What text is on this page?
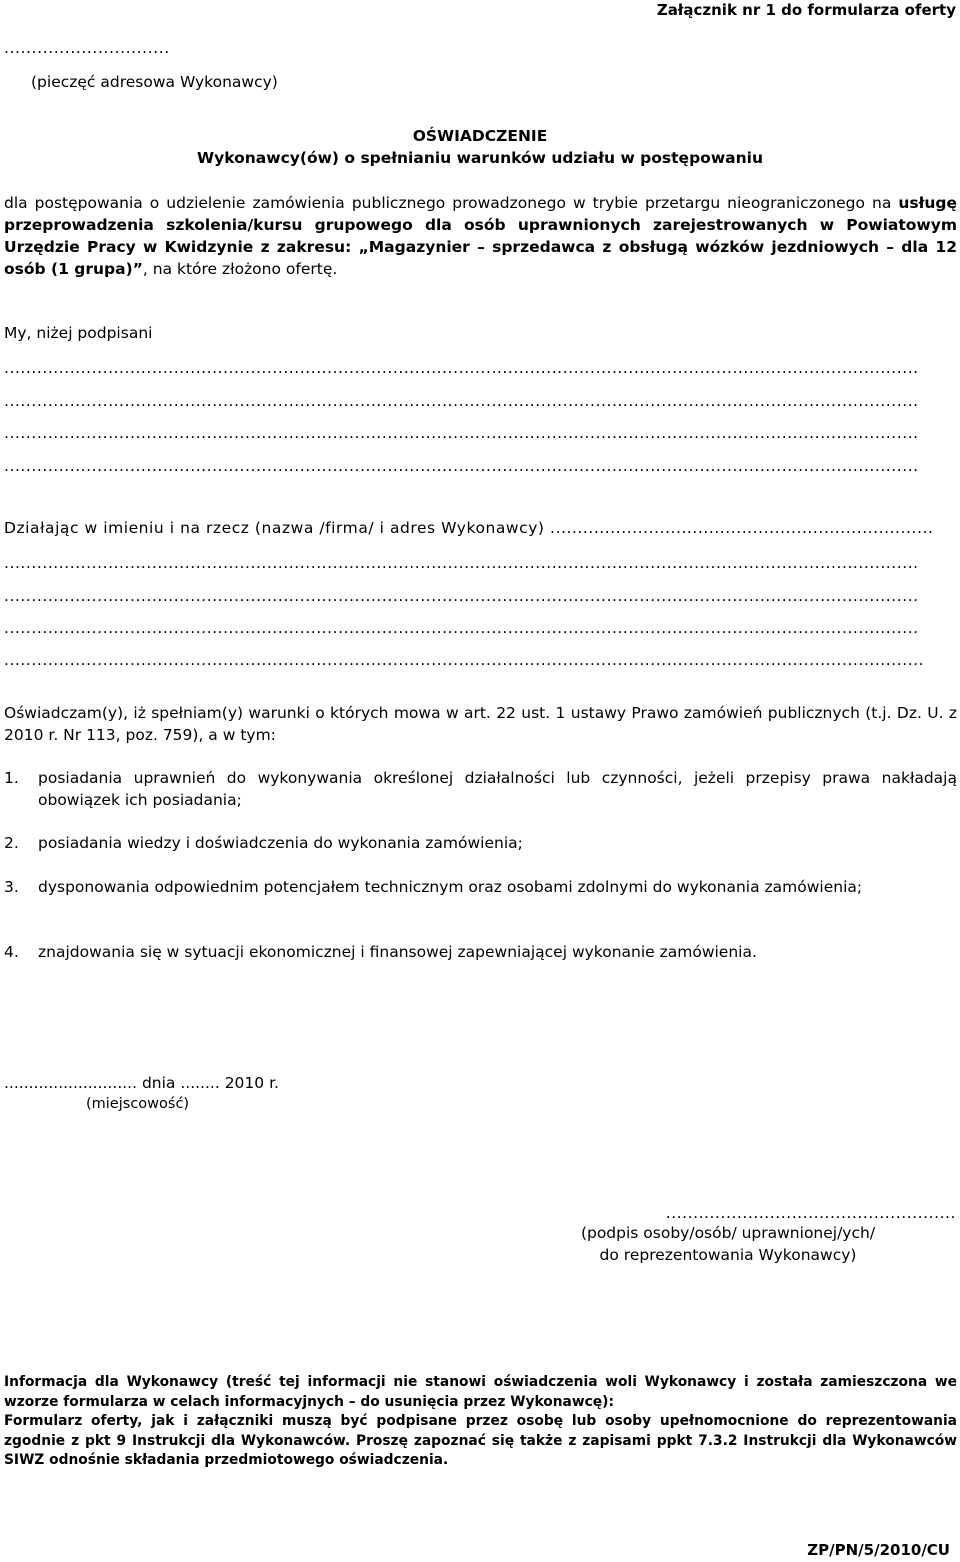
Załącznik nr 1 do formularza oferty
..............................
(pieczęć adresowa Wykonawcy)
OŚWIADCZENIE
Wykonawcy(ów) o spełnianiu warunków udziału w postępowaniu
dla postępowania o udzielenie zamówienia publicznego prowadzonego w trybie przetargu nieograniczonego na usługę przeprowadzenia szkolenia/kursu grupowego dla osób uprawnionych zarejestrowanych w Powiatowym Urzędzie Pracy w Kwidzynie z zakresu: „Magazynier – sprzedawca z obsługą wózków jezdniowych – dla 12 osób (1 grupa)”, na które złożono ofertę.
My, niżej podpisani
.......................................................................................................................................................................
.......................................................................................................................................................................
.......................................................................................................................................................................
.......................................................................................................................................................................
Działając w imieniu i na rzecz (nazwa /firma/ i adres Wykonawcy) ......................................................................
.......................................................................................................................................................................
.......................................................................................................................................................................
.......................................................................................................................................................................
........................................................................................................................................................................
Oświadczam(y), iż spełniam(y) warunki o których mowa w art. 22 ust. 1 ustawy Prawo zamówień publicznych (t.j. Dz. U. z 2010 r. Nr 113, poz. 759), a w tym:
1.	posiadania uprawnień do wykonywania określonej działalności lub czynności, jeżeli przepisy prawa nakładają obowiązek ich posiadania;
2.	posiadania wiedzy i doświadczenia do wykonania zamówienia;
3.	dysponowania odpowiednim potencjałem technicznym oraz osobami zdolnymi do wykonania zamówienia;
4.	znajdowania się w sytuacji ekonomicznej i finansowej zapewniającej wykonanie zamówienia.
........................... dnia ........ 2010 r.
(miejscowość)
.....................................................
(podpis osoby/osób/ uprawnionej/ych/
do reprezentowania Wykonawcy)
Informacja dla Wykonawcy (treść tej informacji nie stanowi oświadczenia woli Wykonawcy i została zamieszczona we wzorze formularza w celach informacyjnych – do usunięcia przez Wykonawcę):
Formularz oferty, jak i załączniki muszą być podpisane przez osobę lub osoby upełnomocnione do reprezentowania zgodnie z pkt 9 Instrukcji dla Wykonawców. Proszę zapoznać się także z zapisami ppkt 7.3.2 Instrukcji dla Wykonawców SIWZ odnośnie składania przedmiotowego oświadczenia.
ZP/PN/5/2010/CU
